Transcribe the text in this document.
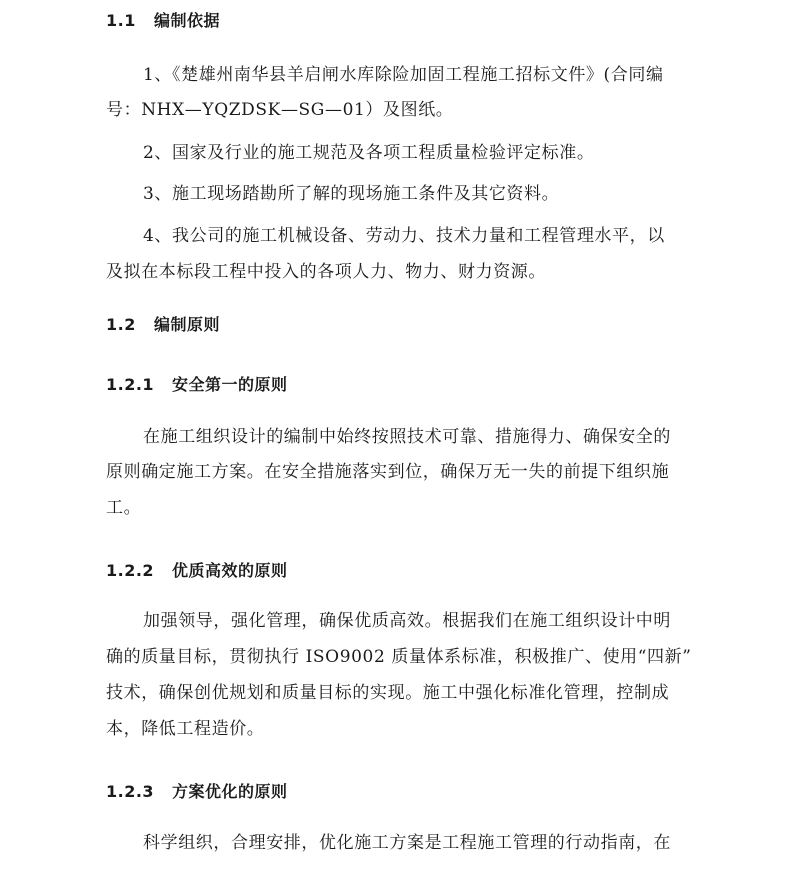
1.1 编制依据
1、《楚雄州南华县羊启闸水库除险加固工程施工招标文件》(合同编
号：NHX—YQZDSK—SG—01）及图纸。
2、国家及行业的施工规范及各项工程质量检验评定标准。
3、施工现场踏勘所了解的现场施工条件及其它资料。
4、我公司的施工机械设备、劳动力、技术力量和工程管理水平，以
及拟在本标段工程中投入的各项人力、物力、财力资源。
1.2 编制原则
1.2.1 安全第一的原则
在施工组织设计的编制中始终按照技术可靠、措施得力、确保安全的
原则确定施工方案。在安全措施落实到位，确保万无一失的前提下组织施
工。
1.2.2 优质高效的原则
加强领导，强化管理，确保优质高效。根据我们在施工组织设计中明
确的质量目标，贯彻执行 ISO9002 质量体系标准，积极推广、使用“四新”
技术，确保创优规划和质量目标的实现。施工中强化标准化管理，控制成
本，降低工程造价。
1.2.3 方案优化的原则
科学组织，合理安排，优化施工方案是工程施工管理的行动指南，在
